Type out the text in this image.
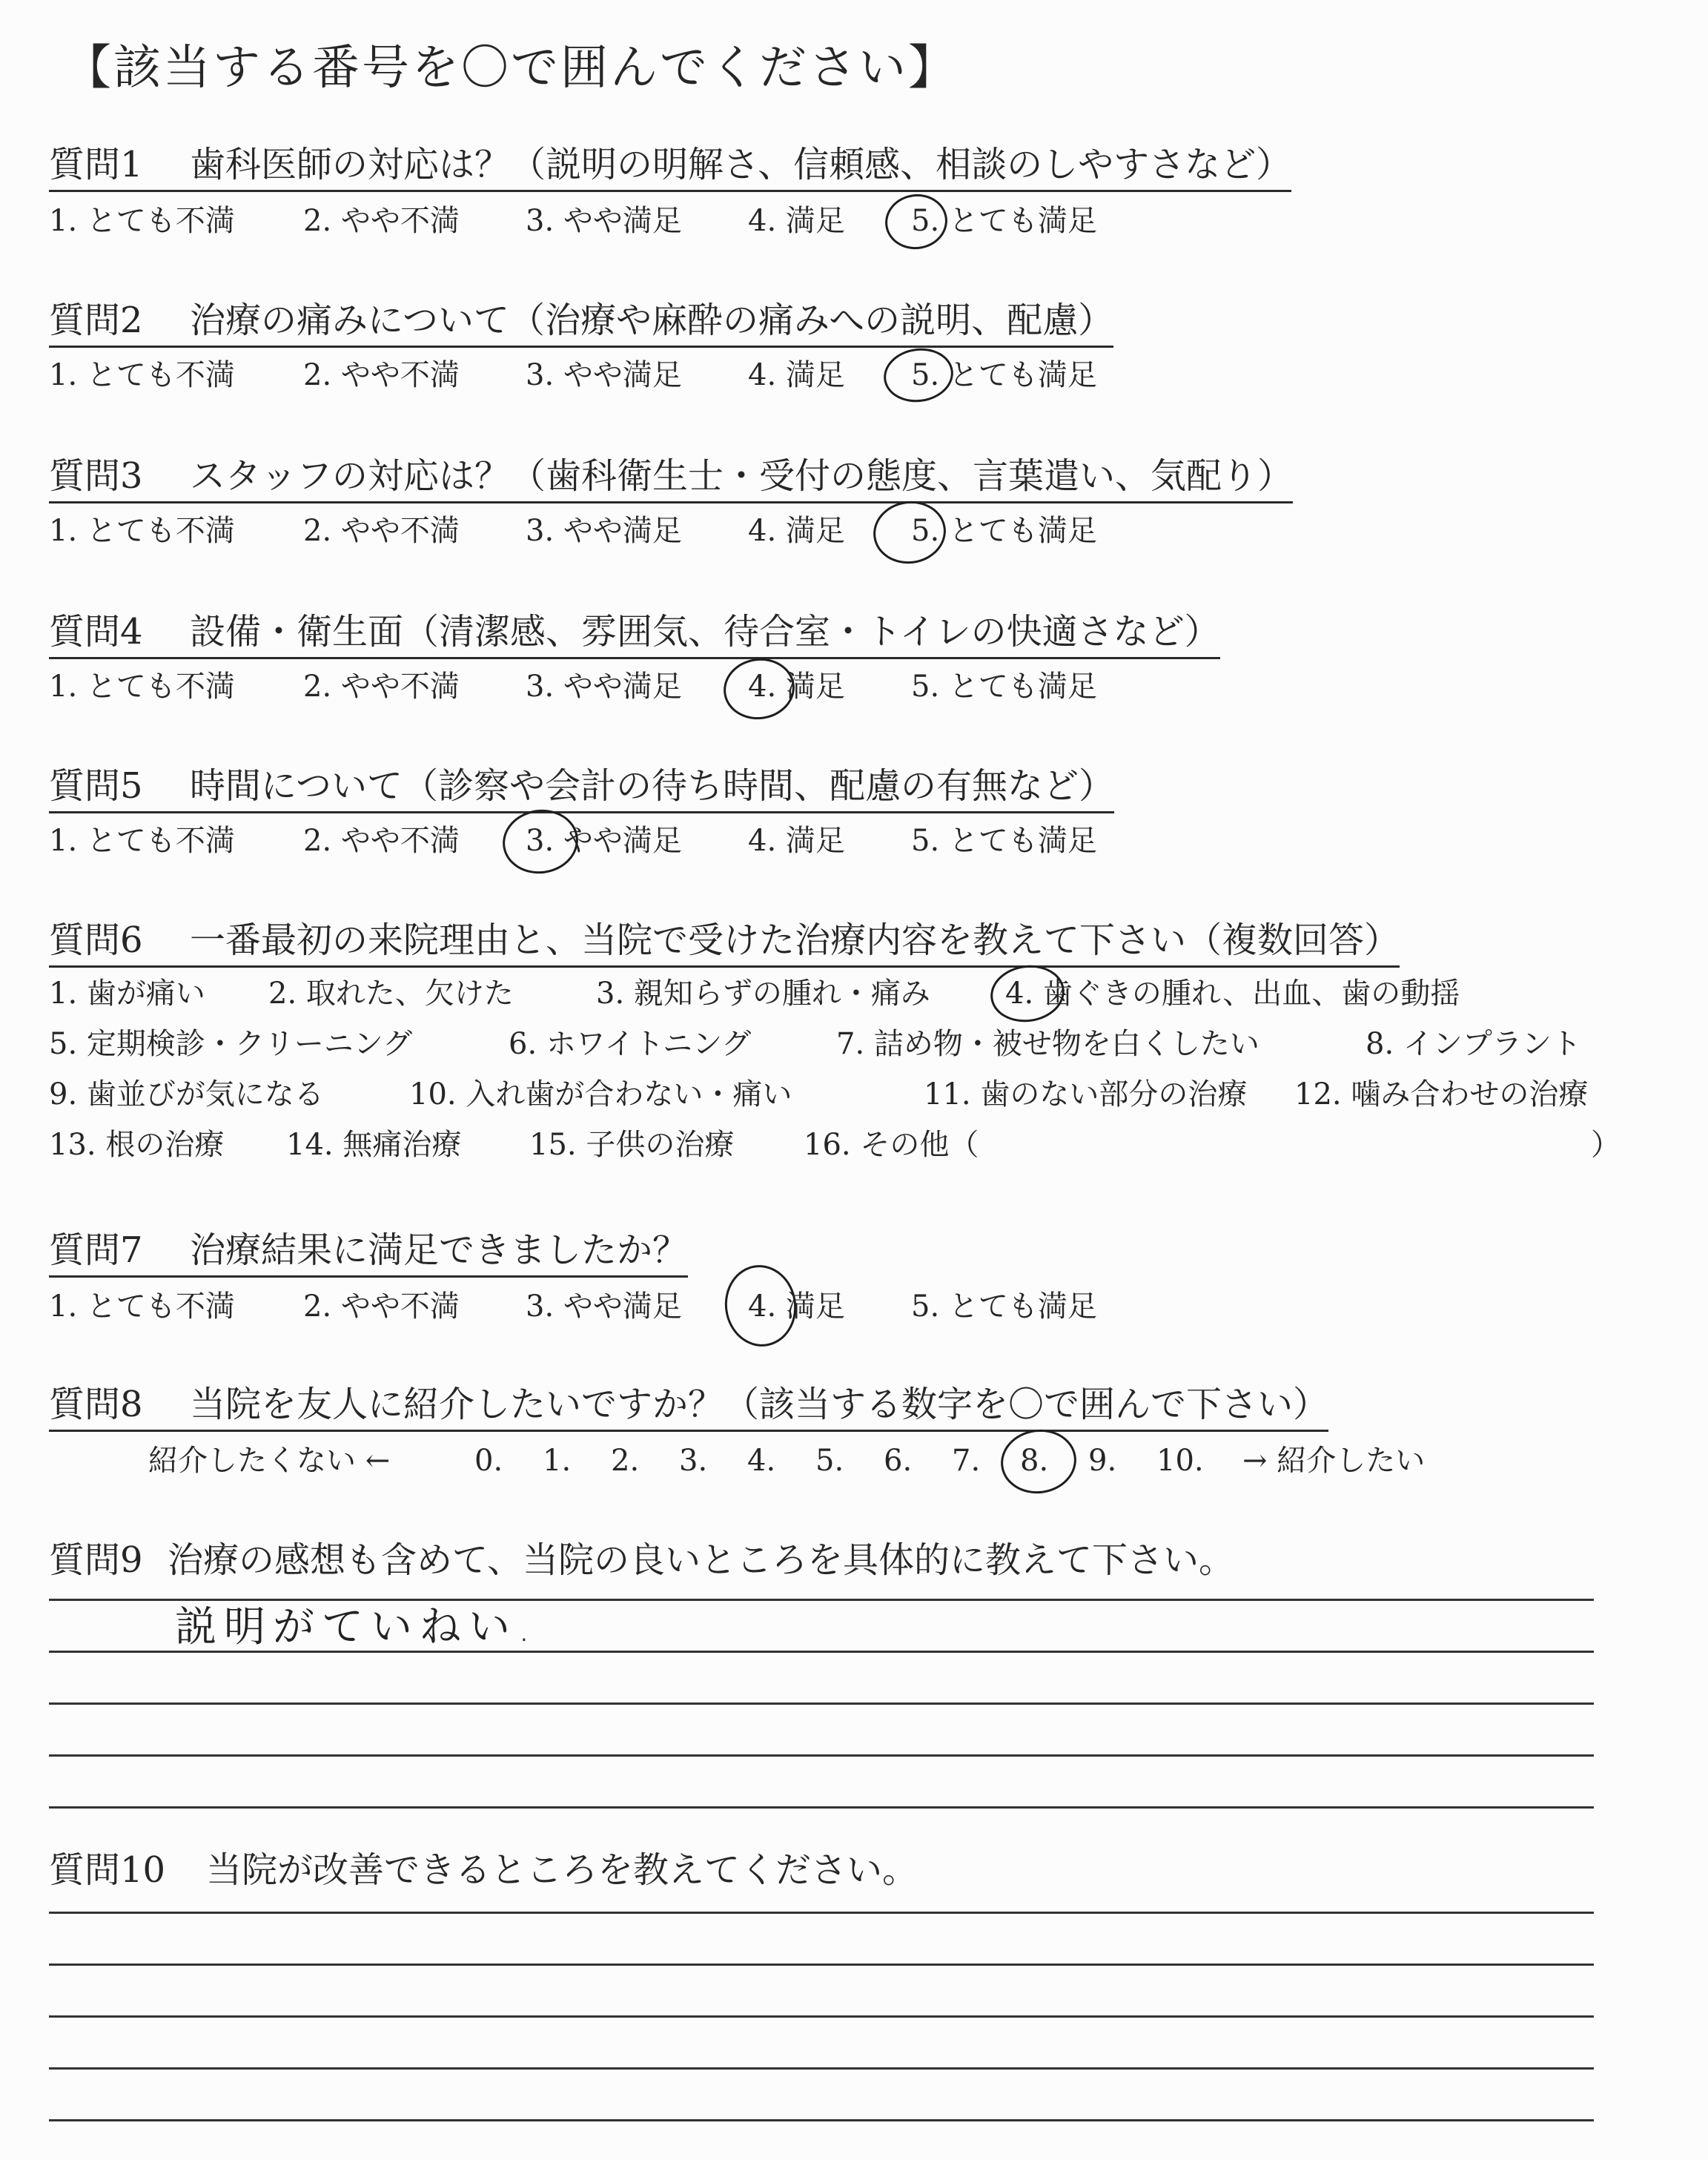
【該当する番号を〇で囲んでください】
質問1 歯科医師の対応は？（説明の明解さ、信頼感、相談のしやすさなど）
1. とても不満 2. やや不満 3. やや満足 4. 満足 5. とても満足
質問2 治療の痛みについて（治療や麻酔の痛みへの説明、配慮）
1. とても不満 2. やや不満 3. やや満足 4. 満足 5. とても満足
質問3 スタッフの対応は？（歯科衛生士・受付の態度、言葉遣い、気配り）
1. とても不満 2. やや不満 3. やや満足 4. 満足 5. とても満足
質問4 設備・衛生面（清潔感、雰囲気、待合室・トイレの快適さなど）
1. とても不満 2. やや不満 3. やや満足 4. 満足 5. とても満足
質問5 時間について（診察や会計の待ち時間、配慮の有無など）
1. とても不満 2. やや不満 3. やや満足 4. 満足 5. とても満足
質問6 一番最初の来院理由と、当院で受けた治療内容を教えて下さい（複数回答）
1. 歯が痛い 2. 取れた、欠けた	3. 親知らずの腫れ・痛み	4. 歯ぐきの腫れ、出血、歯の動揺
5. 定期検診・クリーニング	6. ホワイトニング	7. 詰め物・被せ物を白くしたい	8. インプラント
9. 歯並びが気になる	10. 入れ歯が合わない・痛い	11. 歯のない部分の治療 12. 噛み合わせの治療
13. 根の治療 14. 無痛治療 15. 子供の治療 16. その他（	）
質問7 治療結果に満足できましたか？
1. とても不満 2. やや不満 3. やや満足 4. 満足 5. とても満足
質問8 当院を友人に紹介したいですか？（該当する数字を〇で囲んで下さい）
紹介したくない ←	0. 1. 2. 3. 4. 5. 6. 7. 8. 9. 10. → 紹介したい
質問9 治療の感想も含めて、当院の良いところを具体的に教えて下さい。
説明がていねい.
質問10 当院が改善できるところを教えてください。
